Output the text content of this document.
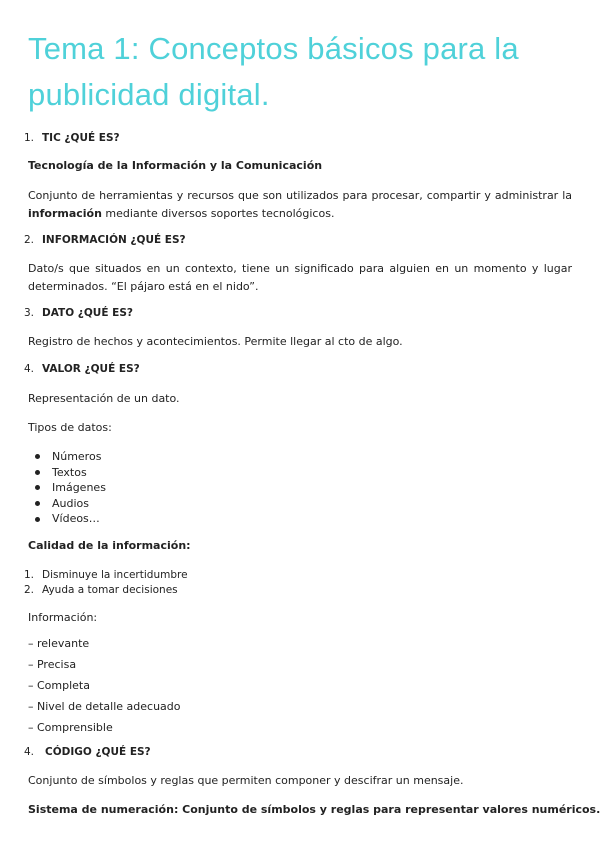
Tema 1: Conceptos básicos para la publicidad digital.
1. TIC ¿QUÉ ES?

Tecnología de la Información y la Comunicación

Conjunto de herramientas y recursos que son utilizados para procesar, compartir y administrar la información mediante diversos soportes tecnológicos.

2. INFORMACIÓN ¿QUÉ ES?

Dato/s que situados en un contexto, tiene un significado para alguien en un momento y lugar determinados. “El pájaro está en el nido”.

3. DATO ¿QUÉ ES?

Registro de hechos y acontecimientos. Permite llegar al cto de algo.

4. VALOR ¿QUÉ ES?

Representación de un dato.

Tipos de datos:

Números
Textos
Imágenes
Audios
Vídeos…

Calidad de la información:

1. Disminuye la incertidumbre
2. Ayuda a tomar decisiones

Información:

– relevante

– Precisa

– Completa

– Nivel de detalle adecuado

– Comprensible

4. CÓDIGO ¿QUÉ ES?

Conjunto de símbolos y reglas que permiten componer y descifrar un mensaje.

Sistema de numeración: Conjunto de símbolos y reglas para representar valores numéricos.
